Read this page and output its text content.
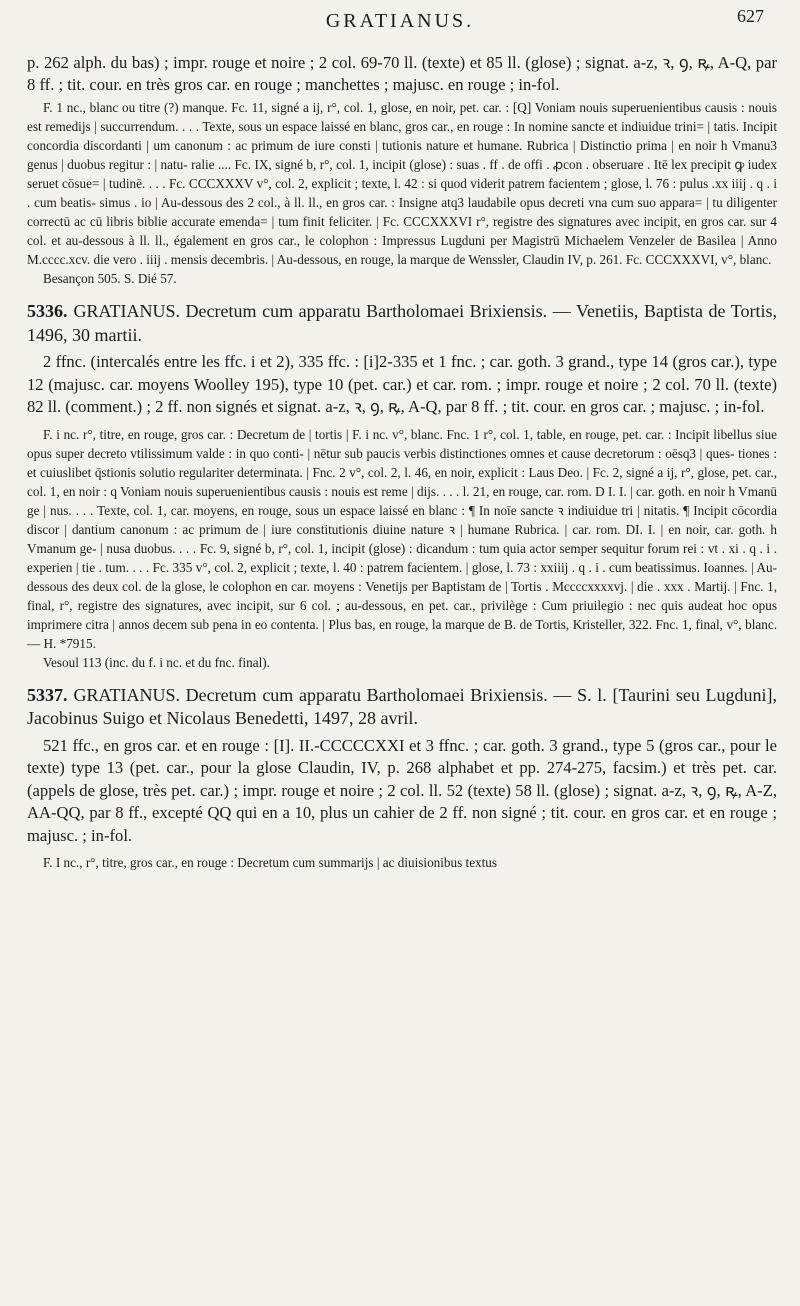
GRATIANUS.	627

p. 262 alph. du bas) ; impr. rouge et noire ; 2 col. 69-70 ll. (texte) et 85 ll. (glose) ; signat. a-z, ꝛ, ꝯ, ꝶ, A-Q, par 8 ff. ; tit. cour. en très gros car. en rouge ; manchettes ; majusc. en rouge ; in-fol.

F. 1 nc., blanc ou titre (?) manque. Fc. 11, signé a ij, r°, col. 1, glose, en noir, pet. car. : [Q] Voniam nouis superuenientibus causis : nouis est remedijs | succurrendum. . . . Texte, sous un espace laissé en blanc, gros car., en rouge : In nomine sancte et indiuidue trini= | tatis. Incipit concordia discordanti | um canonum : ac primum de iure consti | tutionis nature et humane. Rubrica | Distinctio prima | en noir h Vmanu3 genus | duobus regitur : | natu- ralie .... Fc. IX, signé b, r°, col. 1, incipit (glose) : suas . ff . de offi . ꝓcon . obseruare . Itē lex precipit ꝙ iudex seruet cōsue= | tudinē. . . . Fc. CCCXXXV v°, col. 2, explicit ; texte, l. 42 : si quod viderit patrem facientem ; glose, l. 76 : pulus .xx iiij . q . i . cum beatis- simus . io | Au-dessous des 2 col., à ll. ll., en gros car. : Insigne atq3 laudabile opus decreti vna cum suo appara= | tu diligenter correctū ac cū libris biblie accurate emenda= | tum finit feliciter. | Fc. CCCXXXVI r°, registre des signatures avec incipit, en gros car. sur 4 col. et au-dessous à ll. ll., également en gros car., le colophon : Impressus Lugduni per Magistrū Michaelem Venzeler de Basilea | Anno M.cccc.xcv. die vero . iiij . mensis decembris. | Au-dessous, en rouge, la marque de Wenssler, Claudin IV, p. 261. Fc. CCCXXXVI, v°, blanc.

Besançon 505. S. Dié 57.

5336. GRATIANUS. Decretum cum apparatu Bartholomaei Brixiensis. — Venetiis, Baptista de Tortis, 1496, 30 martii.

2 ffnc. (intercalés entre les ffc. i et 2), 335 ffc. : [i]2-335 et 1 fnc. ; car. goth. 3 grand., type 14 (gros car.), type 12 (majusc. car. moyens Woolley 195), type 10 (pet. car.) et car. rom. ; impr. rouge et noire ; 2 col. 70 ll. (texte) 82 ll. (comment.) ; 2 ff. non signés et signat. a-z, ꝛ, ꝯ, ꝶ, A-Q, par 8 ff. ; tit. cour. en gros car. ; majusc. ; in-fol.

F. i nc. r°, titre, en rouge, gros car. : Decretum de | tortis | F. i nc. v°, blanc. Fnc. 1 r°, col. 1, table, en rouge, pet. car. : Incipit libellus siue opus super decreto vtilissimum valde : in quo conti- | nētur sub paucis verbis distinctiones omnes et cause decretorum : oēsq3 | ques- tiones : et cuiuslibet q̄stionis solutio regulariter determinata. | Fnc. 2 v°, col. 2, l. 46, en noir, explicit : Laus Deo. | Fc. 2, signé a ij, r°, glose, pet. car., col. 1, en noir : q Voniam nouis superuenientibus causis : nouis est reme | dijs. . . . l. 21, en rouge, car. rom. D I. I. | car. goth. en noir h Vmanū ge | nus. . . . Texte, col. 1, car. moyens, en rouge, sous un espace laissé en blanc : ¶ In noīe sancte ꝛ indiuidue tri | nitatis. ¶ Incipit cōcordia discor | dantium canonum : ac primum de | iure constitutionis diuine nature ꝛ | humane Rubrica. | car. rom. DI. I. | en noir, car. goth. h Vmanum ge- | nusa duobus. . . . Fc. 9, signé b, r°, col. 1, incipit (glose) : dicandum : tum quia actor semper sequitur forum rei : vt . xi . q . i . experien | tie . tum. . . . Fc. 335 v°, col. 2, explicit ; texte, l. 40 : patrem facientem. | glose, l. 73 : xxiiij . q . i . cum beatissimus. Ioannes. | Au-dessous des deux col. de la glose, le colophon en car. moyens : Venetijs per Baptistam de | Tortis . Mccccxxxxvj. | die . xxx . Martij. | Fnc. 1, final, r°, registre des signatures, avec incipit, sur 6 col. ; au-dessous, en pet. car., privilège : Cum priuilegio : nec quis audeat hoc opus imprimere citra | annos decem sub pena in eo contenta. | Plus bas, en rouge, la marque de B. de Tortis, Kristeller, 322. Fnc. 1, final, v°, blanc. — H. *7915.

Vesoul 113 (inc. du f. i nc. et du fnc. final).

5337. GRATIANUS. Decretum cum apparatu Bartholomaei Brixiensis. — S. l. [Taurini seu Lugduni], Jacobinus Suigo et Nicolaus Benedetti, 1497, 28 avril.

521 ffc., en gros car. et en rouge : [I]. II.-CCCCCXXI et 3 ffnc. ; car. goth. 3 grand., type 5 (gros car., pour le texte) type 13 (pet. car., pour la glose Claudin, IV, p. 268 alphabet et pp. 274-275, facsim.) et très pet. car. (appels de glose, très pet. car.) ; impr. rouge et noire ; 2 col. ll. 52 (texte) 58 ll. (glose) ; signat. a-z, ꝛ, ꝯ, ꝶ, A-Z, AA-QQ, par 8 ff., excepté QQ qui en a 10, plus un cahier de 2 ff. non signé ; tit. cour. en gros car. et en rouge ; majusc. ; in-fol.

F. I nc., r°, titre, gros car., en rouge : Decretum cum summarijs | ac diuisionibus textus
